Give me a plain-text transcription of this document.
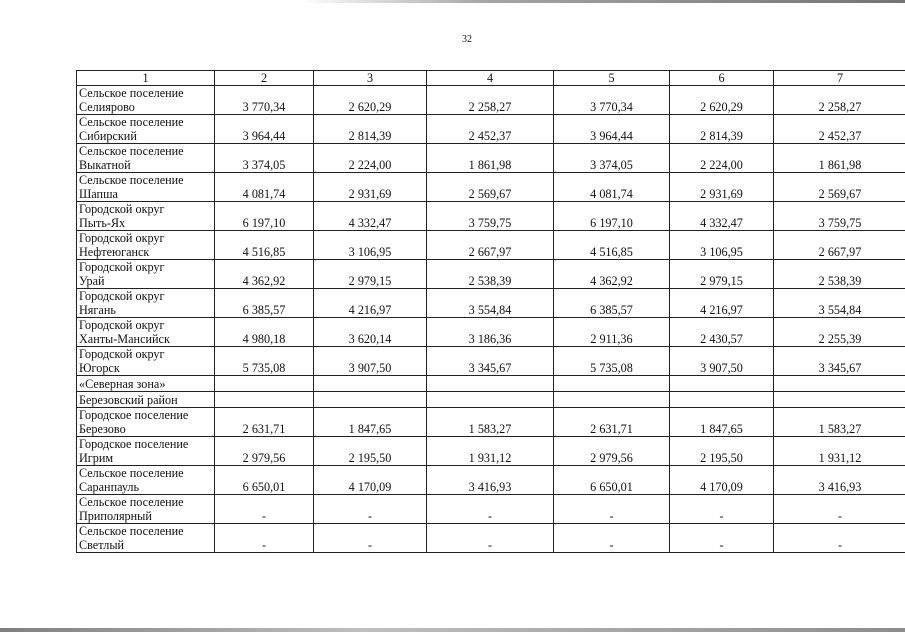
32
1	2	3	4	5	6	7

Сельское поселение
Селиярово	3 770,34	2 620,29	2 258,27	3 770,34	2 620,29	2 258,27

Сельское поселение
Сибирский	3 964,44	2 814,39	2 452,37	3 964,44	2 814,39	2 452,37

Сельское поселение
Выкатной	3 374,05	2 224,00	1 861,98	3 374,05	2 224,00	1 861,98

Сельское поселение
Шапша	4 081,74	2 931,69	2 569,67	4 081,74	2 931,69	2 569,67

Городской округ
Пыть-Ях	6 197,10	4 332,47	3 759,75	6 197,10	4 332,47	3 759,75

Городской округ
Нефтеюганск	4 516,85	3 106,95	2 667,97	4 516,85	3 106,95	2 667,97

Городской округ
Урай	4 362,92	2 979,15	2 538,39	4 362,92	2 979,15	2 538,39

Городской округ
Нягань	6 385,57	4 216,97	3 554,84	6 385,57	4 216,97	3 554,84

Городской округ
Ханты-Мансийск	4 980,18	3 620,14	3 186,36	2 911,36	2 430,57	2 255,39

Городской округ
Югорск	5 735,08	3 907,50	3 345,67	5 735,08	3 907,50	3 345,67
«Северная зона»						
Березовский район						

Городское поселение
Березово	2 631,71	1 847,65	1 583,27	2 631,71	1 847,65	1 583,27

Городское поселение
Игрим	2 979,56	2 195,50	1 931,12	2 979,56	2 195,50	1 931,12

Сельское поселение
Саранпауль	6 650,01	4 170,09	3 416,93	6 650,01	4 170,09	3 416,93

Сельское поселение
Приполярный	-	-	-	-	-	-

Сельское поселение
Светлый	-	-	-	-	-	-
